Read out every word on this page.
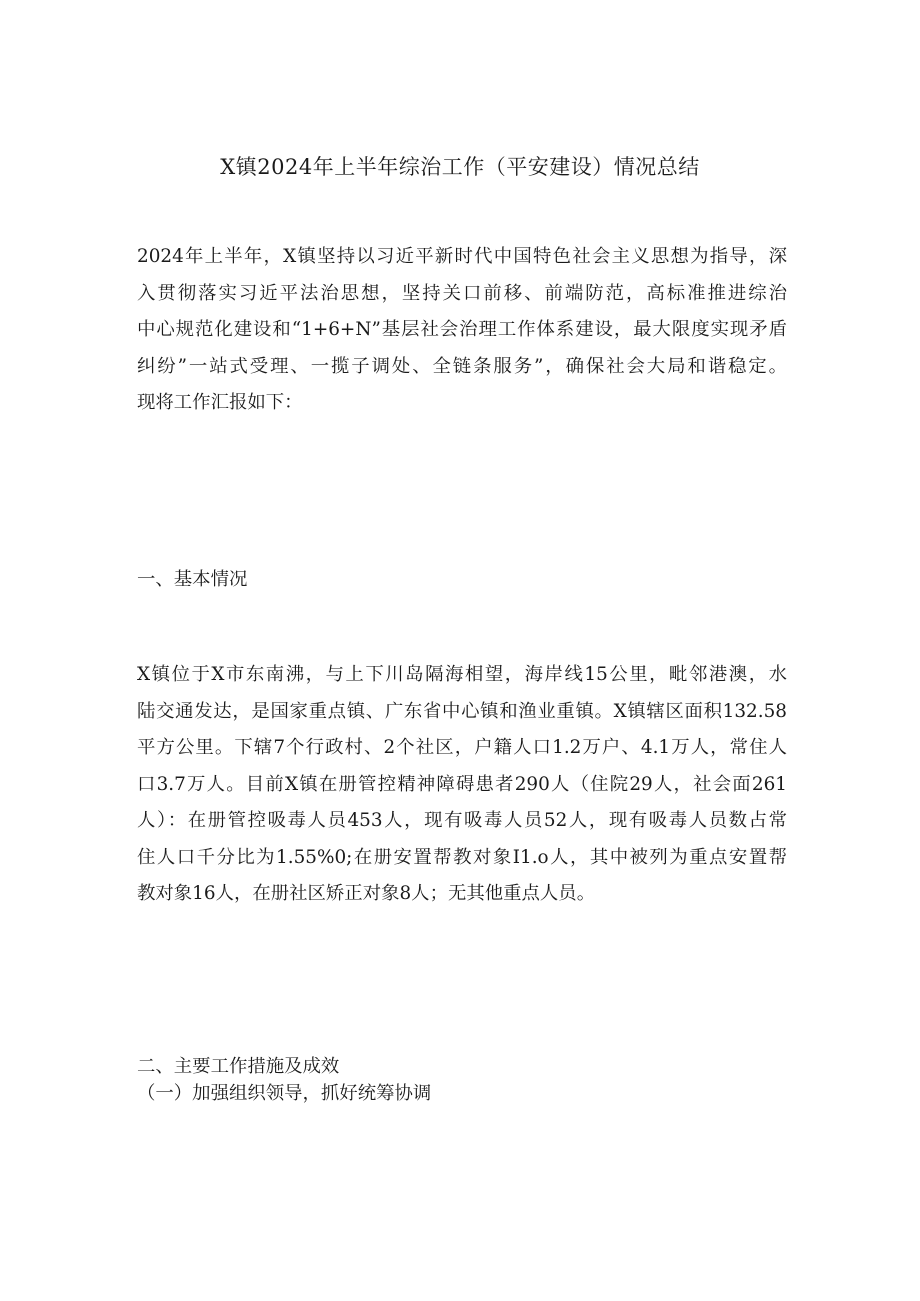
X镇2024年上半年综治工作（平安建设）情况总结
2024年上半年，X镇坚持以习近平新时代中国特色社会主义思想为指导，深
入贯彻落实习近平法治思想，坚持关口前移、前端防范，高标准推进综治
中心规范化建设和“1+6+N”基层社会治理工作体系建设，最大限度实现矛盾
纠纷”一站式受理、一揽子调处、全链条服务”，确保社会大局和谐稳定。
现将工作汇报如下：
一、基本情况
X镇位于X市东南沸，与上下川岛隔海相望，海岸线15公里，毗邻港澳，水
陆交通发达，是国家重点镇、广东省中心镇和渔业重镇。X镇辖区面积132.58
平方公里。下辖7个行政村、2个社区，户籍人口1.2万户、4.1万人，常住人
口3.7万人。目前X镇在册管控精神障碍患者290人（住院29人，社会面261
人）：在册管控吸毒人员453人，现有吸毒人员52人，现有吸毒人员数占常
住人口千分比为1.55%0;在册安置帮教对象I1.o人，其中被列为重点安置帮
教对象16人，在册社区矫正对象8人；无其他重点人员。
二、主要工作措施及成效
（一）加强组织领导，抓好统筹协调
